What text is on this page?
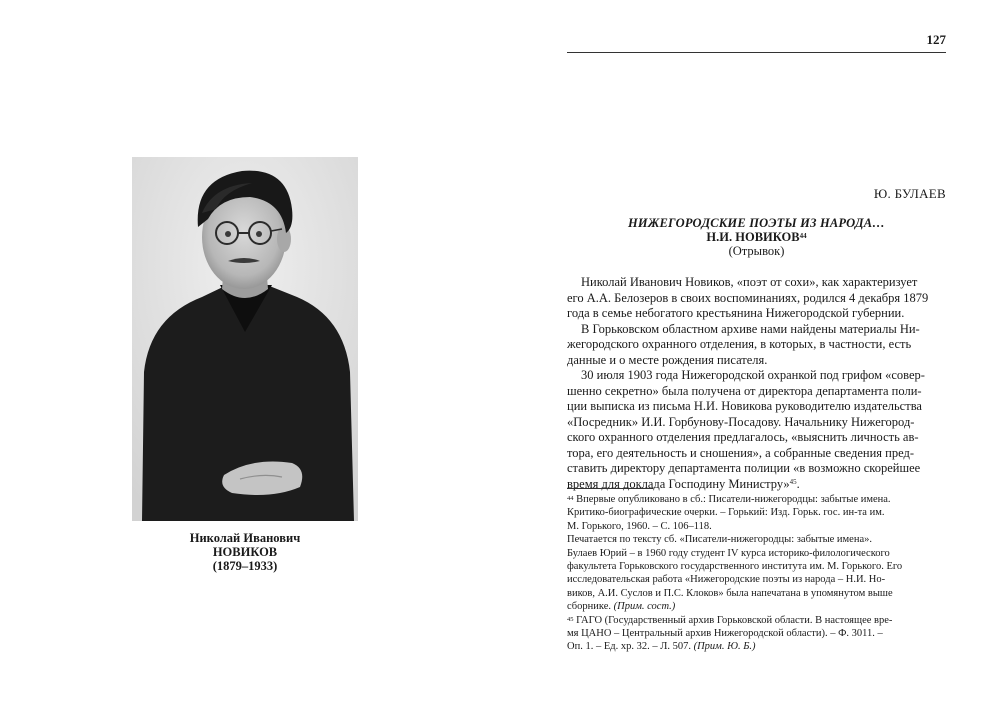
Николай Иванович
НОВИКОВ
(1879–1933)
127
Ю. БУЛАЕВ
НИЖЕГОРОДСКИЕ ПОЭТЫ ИЗ НАРОДА…
Н.И. НОВИКОВ$^{44}$
(Отрывок)

Николай Иванович Новиков, «поэт от сохи», как характеризует
его А.А. Белозеров в своих воспоминаниях, родился 4 декабря 1879
года в семье небогатого крестьянина Нижегородской губернии.

В Горьковском областном архиве нами найдены материалы Ни-
жегородского охранного отделения, в которых, в частности, есть
данные и о месте рождения писателя.

30 июля 1903 года Нижегородской охранкой под грифом «совер-
шенно секретно» была получена от директора департамента поли-
ции выписка из письма Н.И. Новикова руководителю издательства
«Посредник» И.И. Горбунову-Посадову. Начальнику Нижегород-
ского охранного отделения предлагалось, «выяснить личность ав-
тора, его деятельность и сношения», а собранные сведения пред-
ставить директору департамента полиции «в возможно скорейшее
время для доклада Господину Министру»$^{45}$.

$^{44}$ Впервые опубликовано в сб.: Писатели-нижегородцы: забытые имена.
Критико-биографические очерки. – Горький: Изд. Горьк. гос. ин-та им.
М. Горького, 1960. – С. 106–118.
Печатается по тексту сб. «Писатели-нижегородцы: забытые имена».
Булаев Юрий – в 1960 году студент IV курса историко-филологического
факультета Горьковского государственного института им. М. Горького. Его
исследовательская работа «Нижегородские поэты из народа – Н.И. Но-
виков, А.И. Суслов и П.С. Клоков» была напечатана в упомянутом выше
сборнике. (Прим. сост.)
$^{45}$ ГАГО (Государственный архив Горьковской области. В настоящее вре-
мя ЦАНО – Центральный архив Нижегородской области). – Ф. 3011. –
Оп. 1. – Ед. хр. 32. – Л. 507. (Прим. Ю. Б.)
